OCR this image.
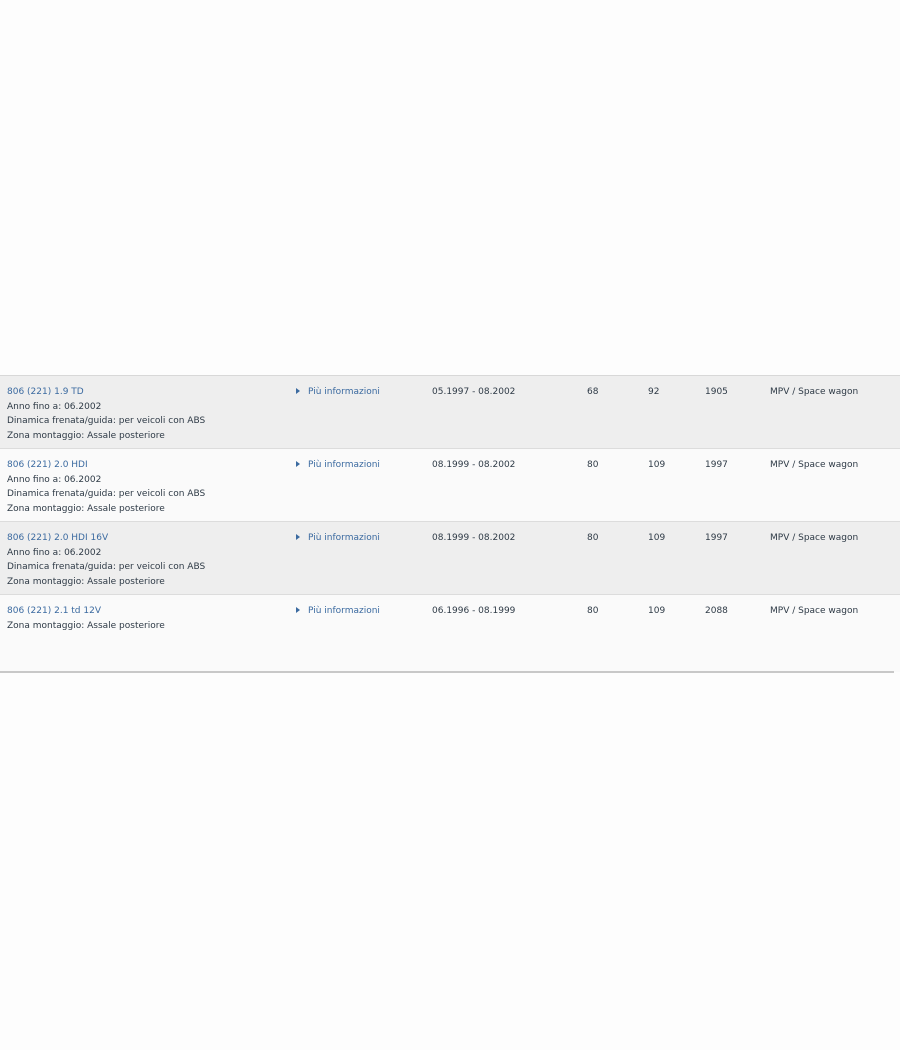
806 (221) 1.9 TD
Anno fino a: 06.2002
Dinamica frenata/guida: per veicoli con ABS
Zona montaggio: Assale posteriore
Più informazioni	05.1997 - 08.2002	68	92	1905	MPV / Space wagon
806 (221) 2.0 HDI
Anno fino a: 06.2002
Dinamica frenata/guida: per veicoli con ABS
Zona montaggio: Assale posteriore
Più informazioni	08.1999 - 08.2002	80	109	1997	MPV / Space wagon
806 (221) 2.0 HDI 16V
Anno fino a: 06.2002
Dinamica frenata/guida: per veicoli con ABS
Zona montaggio: Assale posteriore
Più informazioni	08.1999 - 08.2002	80	109	1997	MPV / Space wagon
806 (221) 2.1 td 12V
Zona montaggio: Assale posteriore
Più informazioni	06.1996 - 08.1999	80	109	2088	MPV / Space wagon
